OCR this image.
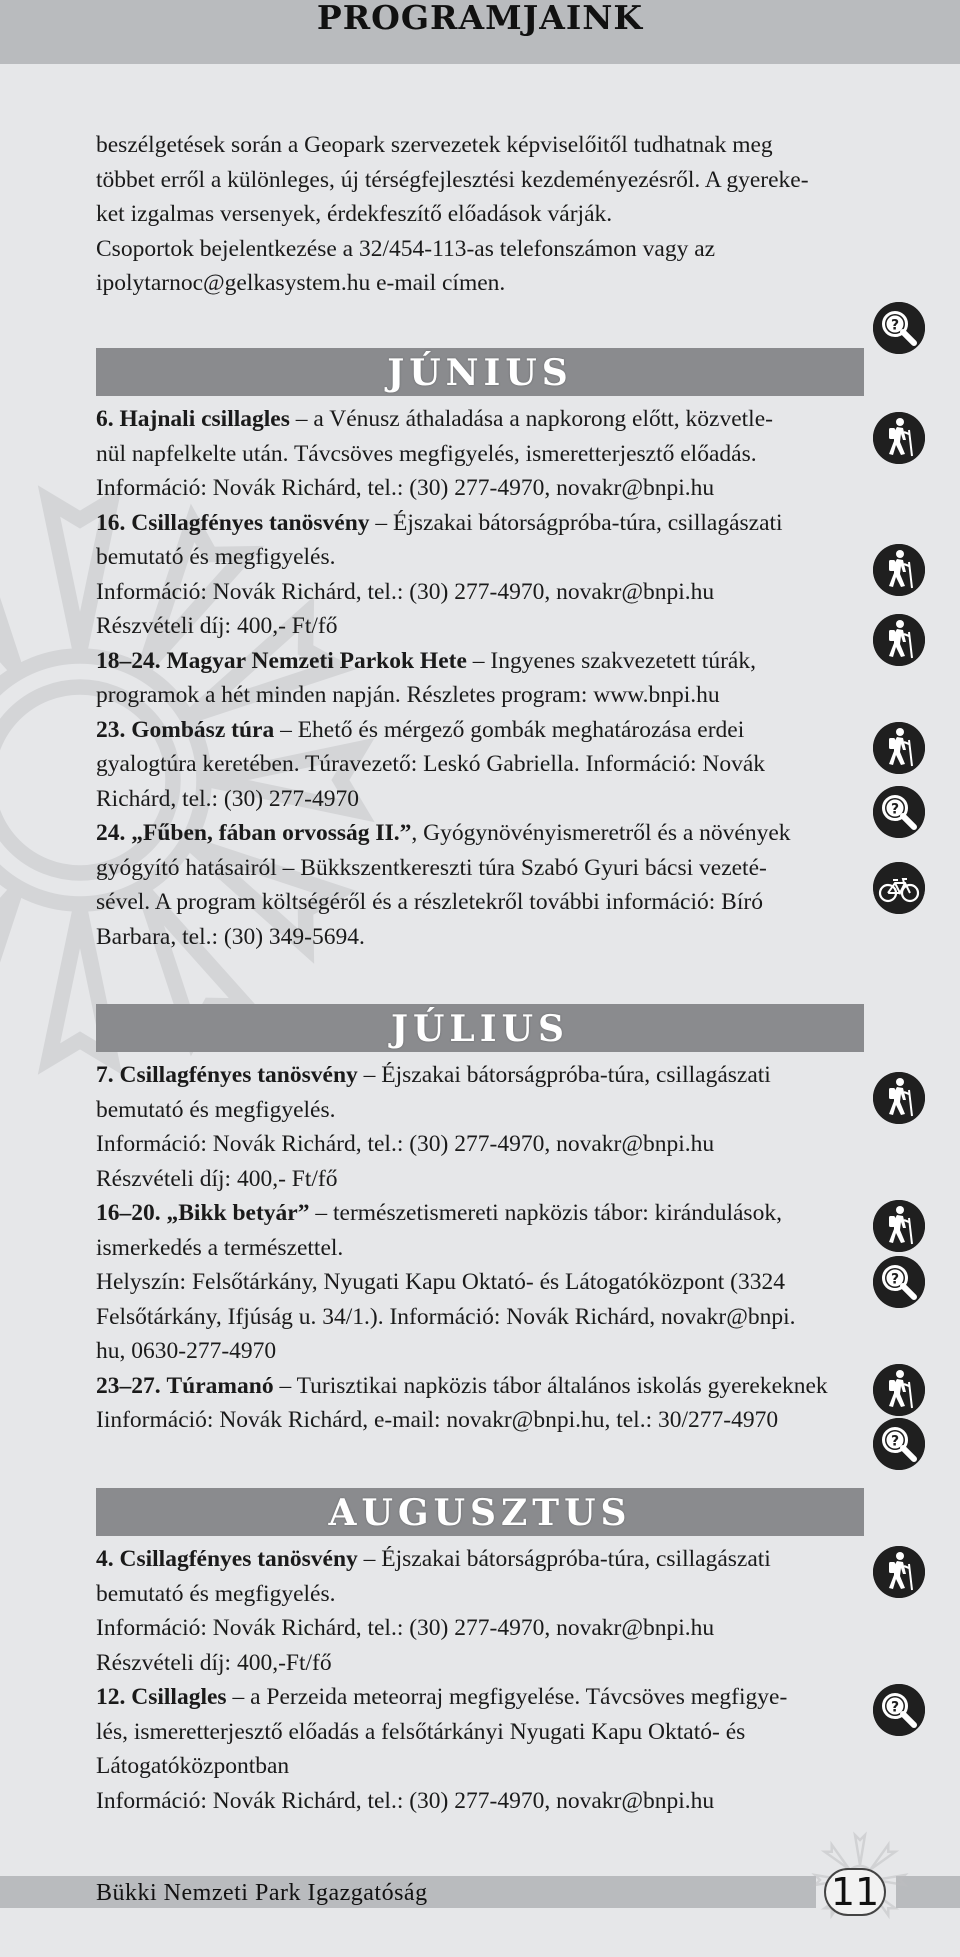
PROGRAMJAINK

beszélgetések során a Geopark szervezetek képviselőitől tudhatnak meg

többet erről a különleges, új térségfejlesztési kezdeményezésről. A gyereke-

ket izgalmas versenyek, érdekfeszítő előadások várják.

Csoportok bejelentkezése a 32/454-113-as telefonszámon vagy az

ipolytarnoc@gelkasystem.hu e-mail címen.

JÚNIUS

6. Hajnali csillagles – a Vénusz áthaladása a napkorong előtt, közvetle-

nül napfelkelte után. Távcsöves megfigyelés, ismeretterjesztő előadás.

Információ: Novák Richárd, tel.: (30) 277-4970, novakr@bnpi.hu

16. Csillagfényes tanösvény – Éjszakai bátorságpróba-túra, csillagászati

bemutató és megfigyelés.

Információ: Novák Richárd, tel.: (30) 277-4970, novakr@bnpi.hu

Részvételi díj: 400,- Ft/fő

18–24. Magyar Nemzeti Parkok Hete – Ingyenes szakvezetett túrák,

programok a hét minden napján. Részletes program: www.bnpi.hu

23. Gombász túra – Ehető és mérgező gombák meghatározása erdei

gyalogtúra keretében. Túravezető: Leskó Gabriella. Információ: Novák

Richárd, tel.: (30) 277-4970

24. „Fűben, fában orvosság II.”, Gyógynövényismeretről és a növények

gyógyító hatásairól – Bükkszentkereszti túra Szabó Gyuri bácsi vezeté-

sével. A program költségéről és a részletekről további információ: Bíró

Barbara, tel.: (30) 349-5694.

JÚLIUS

7. Csillagfényes tanösvény – Éjszakai bátorságpróba-túra, csillagászati

bemutató és megfigyelés.

Információ: Novák Richárd, tel.: (30) 277-4970, novakr@bnpi.hu

Részvételi díj: 400,- Ft/fő

16–20. „Bikk betyár” – természetismereti napközis tábor: kirándulások,

ismerkedés a természettel.

Helyszín: Felsőtárkány, Nyugati Kapu Oktató- és Látogatóközpont (3324

Felsőtárkány, Ifjúság u. 34/1.). Információ: Novák Richárd, novakr@bnpi.

hu, 0630-277-4970

23–27. Túramanó – Turisztikai napközis tábor általános iskolás gyerekeknek

Iinformáció: Novák Richárd, e-mail: novakr@bnpi.hu, tel.: 30/277-4970

AUGUSZTUS

4. Csillagfényes tanösvény – Éjszakai bátorságpróba-túra, csillagászati

bemutató és megfigyelés.

Információ: Novák Richárd, tel.: (30) 277-4970, novakr@bnpi.hu

Részvételi díj: 400,-Ft/fő

12. Csillagles – a Perzeida meteorraj megfigyelése. Távcsöves megfigye-

lés, ismeretterjesztő előadás a felsőtárkányi Nyugati Kapu Oktató- és

Látogatóközpontban

Információ: Novák Richárd, tel.: (30) 277-4970, novakr@bnpi.hu

Bükki Nemzeti Park Igazgatóság	11
